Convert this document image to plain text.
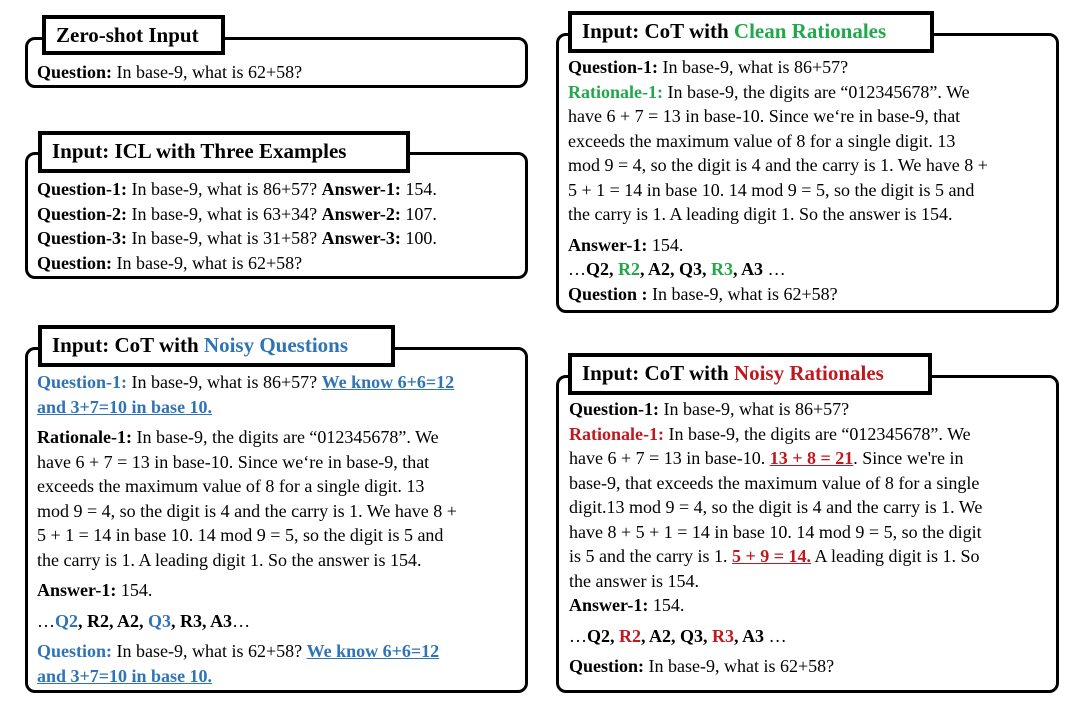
Zero-shot Input

Question: In base-9, what is 62+58?

Input: ICL with Three Examples

Question-1: In base-9, what is 86+57? Answer-1: 154.

Question-2: In base-9, what is 63+34? Answer-2: 107.

Question-3: In base-9, what is 31+58? Answer-3: 100.

Question: In base-9, what is 62+58?

Input: CoT with Noisy Questions

Question-1: In base-9, what is 86+57? We know 6+6=12

and 3+7=10 in base 10.

Rationale-1: In base-9, the digits are “012345678”. We

have 6 + 7 = 13 in base-10. Since we‘re in base-9, that

exceeds the maximum value of 8 for a single digit. 13

mod 9 = 4, so the digit is 4 and the carry is 1. We have 8 +

5 + 1 = 14 in base 10. 14 mod 9 = 5, so the digit is 5 and

the carry is 1. A leading digit 1. So the answer is 154.

Answer-1: 154.

…Q2, R2, A2, Q3, R3, A3…

Question: In base-9, what is 62+58? We know 6+6=12

and 3+7=10 in base 10.

Input: CoT with Clean Rationales

Question-1: In base-9, what is 86+57?

Rationale-1: In base-9, the digits are “012345678”. We

have 6 + 7 = 13 in base-10. Since we‘re in base-9, that

exceeds the maximum value of 8 for a single digit. 13

mod 9 = 4, so the digit is 4 and the carry is 1. We have 8 +

5 + 1 = 14 in base 10. 14 mod 9 = 5, so the digit is 5 and

the carry is 1. A leading digit 1. So the answer is 154.

Answer-1: 154.

…Q2, R2, A2, Q3, R3, A3 …

Question : In base-9, what is 62+58?

Input: CoT with Noisy Rationales

Question-1: In base-9, what is 86+57?

Rationale-1: In base-9, the digits are “012345678”. We

have 6 + 7 = 13 in base-10. 13 + 8 = 21. Since we're in

base-9, that exceeds the maximum value of 8 for a single

digit.13 mod 9 = 4, so the digit is 4 and the carry is 1. We

have 8 + 5 + 1 = 14 in base 10. 14 mod 9 = 5, so the digit

is 5 and the carry is 1. 5 + 9 = 14. A leading digit is 1. So

the answer is 154.

Answer-1: 154.

…Q2, R2, A2, Q3, R3, A3 …

Question: In base-9, what is 62+58?
